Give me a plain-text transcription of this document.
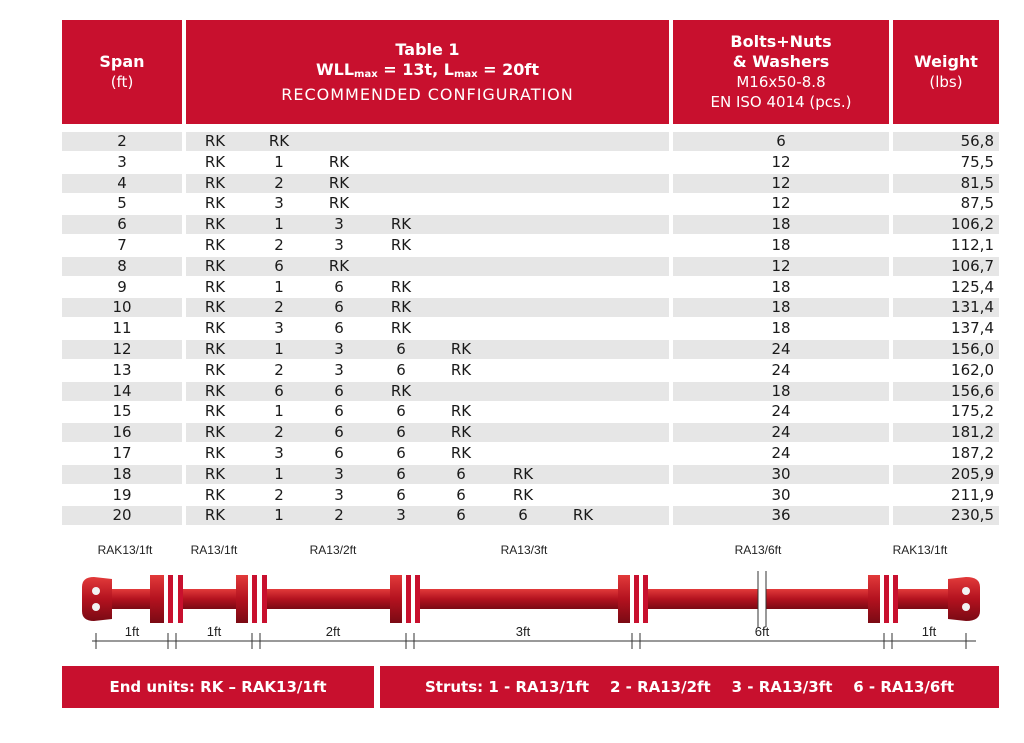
Span
(ft)
Table 1
$WLL_{max} = 13t$, $L_{max} = 20ft$
RECOMMENDED CONFIGURATION
Bolts+Nuts
& Washers
M16x50-8.8
EN ISO 4014 (pcs.)
Weight
(lbs)
2	RK	RK	6	56,8
3	RK	1	RK	12	75,5
4	RK	2	RK	12	81,5
5	RK	3	RK	12	87,5
6	RK	1	3	RK	18	106,2
7	RK	2	3	RK	18	112,1
8	RK	6	RK	12	106,7
9	RK	1	6	RK	18	125,4
10	RK	2	6	RK	18	131,4
11	RK	3	6	RK	18	137,4
12	RK	1	3	6	RK	24	156,0
13	RK	2	3	6	RK	24	162,0
14	RK	6	6	RK	18	156,6
15	RK	1	6	6	RK	24	175,2
16	RK	2	6	6	RK	24	181,2
17	RK	3	6	6	RK	24	187,2
18	RK	1	3	6	6	RK	30	205,9
19	RK	2	3	6	6	RK	30	211,9
20	RK	1	2	3	6	6	RK	36	230,5
RAK13/1ft	RA13/1ft	RA13/2ft	RA13/3ft	RA13/6ft	RAK13/1ft
1ft	1ft	2ft	3ft	6ft	1ft
End units: RK – RAK13/1ft	Struts: 1 - RA13/1ft    2 - RA13/2ft    3 - RA13/3ft    6 - RA13/6ft
